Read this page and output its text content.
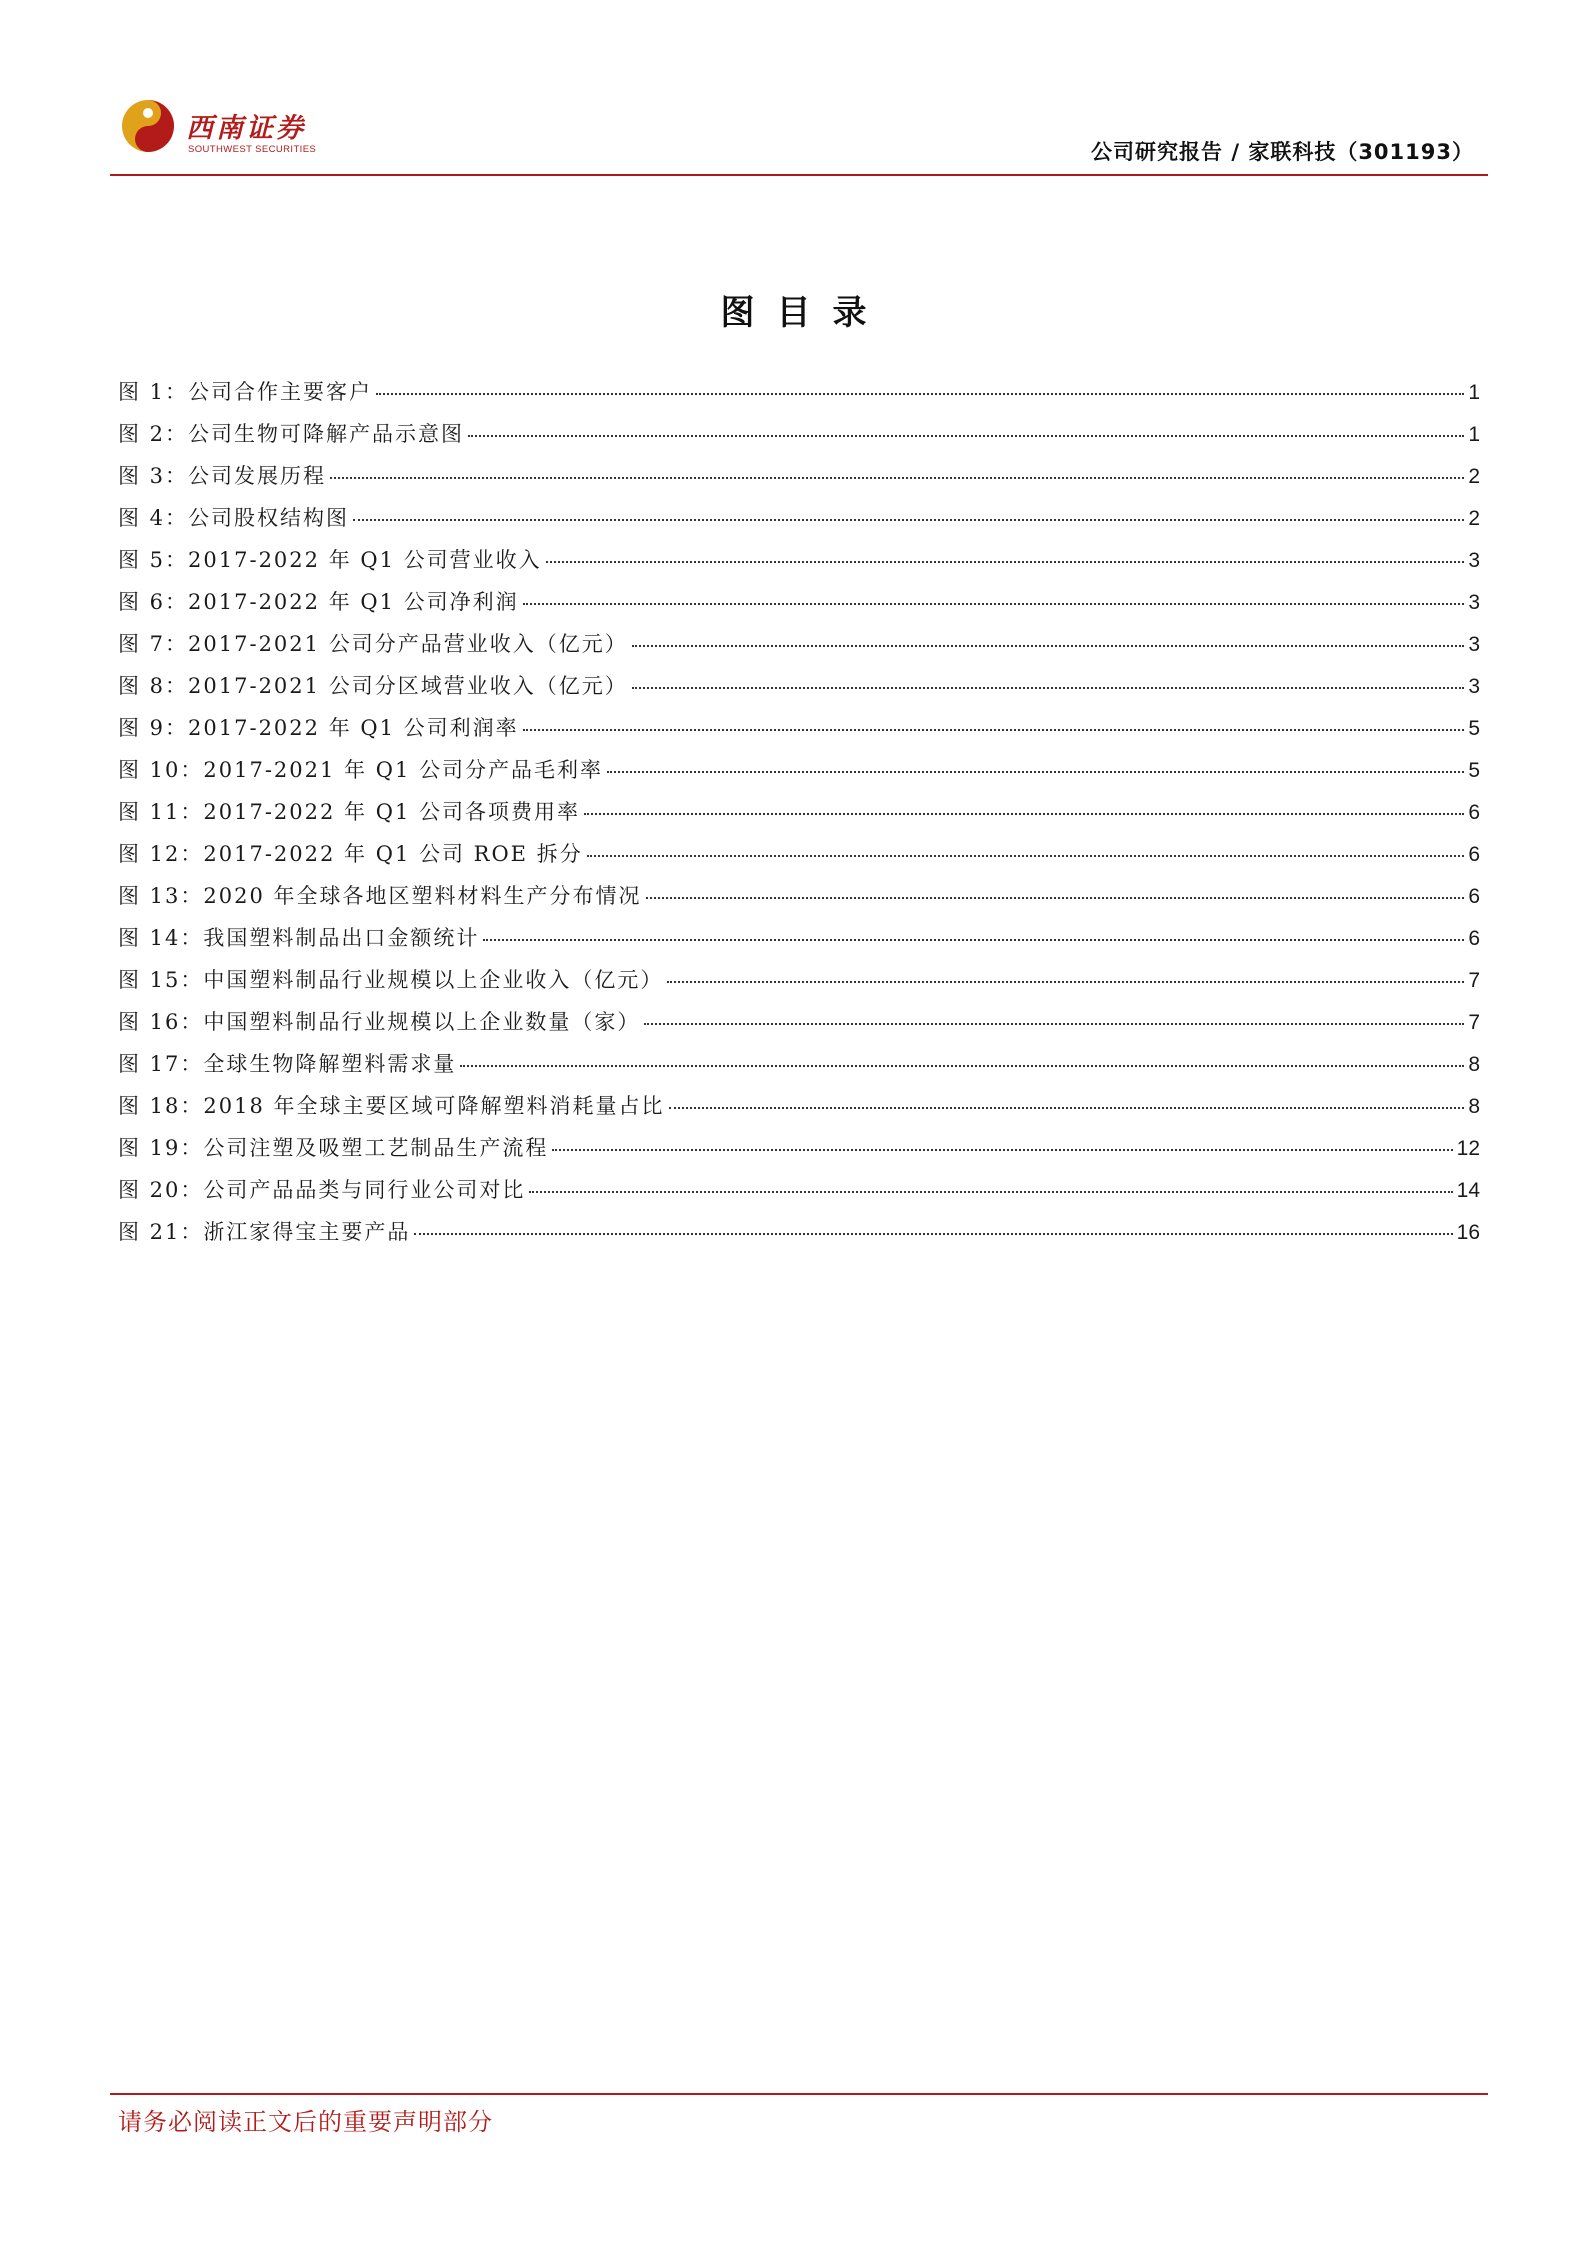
西南证券
SOUTHWEST SECURITIES	公司研究报告 / 家联科技（301193）
图目录
图 1：公司合作主要客户	1
图 2：公司生物可降解产品示意图	1
图 3：公司发展历程	2
图 4：公司股权结构图	2
图 5：2017-2022 年 Q1 公司营业收入	3
图 6：2017-2022 年 Q1 公司净利润	3
图 7：2017-2021 公司分产品营业收入（亿元）	3
图 8：2017-2021 公司分区域营业收入（亿元）	3
图 9：2017-2022 年 Q1 公司利润率	5
图 10：2017-2021 年 Q1 公司分产品毛利率	5
图 11：2017-2022 年 Q1 公司各项费用率	6
图 12：2017-2022 年 Q1 公司 ROE 拆分	6
图 13：2020 年全球各地区塑料材料生产分布情况	6
图 14：我国塑料制品出口金额统计	6
图 15：中国塑料制品行业规模以上企业收入（亿元）	7
图 16：中国塑料制品行业规模以上企业数量（家）	7
图 17：全球生物降解塑料需求量	8
图 18：2018 年全球主要区域可降解塑料消耗量占比	8
图 19：公司注塑及吸塑工艺制品生产流程	12
图 20：公司产品品类与同行业公司对比	14
图 21：浙江家得宝主要产品	16
请务必阅读正文后的重要声明部分
